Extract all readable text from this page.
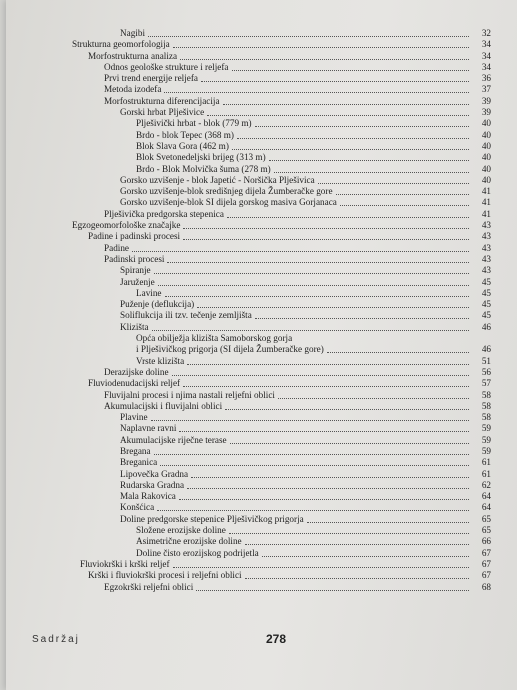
Nagibi	32
Strukturna geomorfologija	34
Morfostrukturna analiza	34
Odnos geološke strukture i reljefa	34
Prvi trend energije reljefa	36
Metoda izodefa	37
Morfostrukturna diferencijacija	39
Gorski hrbat Plješivice	39
Plješivički hrbat - blok (779 m)	40
Brdo - blok Tepec (368 m)	40
Blok Slava Gora (462 m)	40
Blok Svetonedeljski brijeg (313 m)	40
Brdo - Blok Molvička šuma (278 m)	40
Gorsko uzvišenje - blok Japetić - Noršička Plješivica	40
Gorsko uzvišenje-blok središnjeg dijela Žumberačke gore	41
Gorsko uzvišenje-blok SI dijela gorskog masiva Gorjanaca	41
Plješivička predgorska stepenica	41
Egzogeomorfološke značajke	43
Padine i padinski procesi	43
Padine	43
Padinski procesi	43
Spiranje	43
Jaruženje	45
Lavine	45
Puženje (deflukcija)	45
Soliflukcija ili tzv. tečenje zemljišta	45
Klizišta	46
Opća obilježja klizišta Samoborskog gorja
i Plješivičkog prigorja (SI dijela Žumberačke gore)	46
Vrste klizišta	51
Derazijske doline	56
Fluviodenudacijski reljef	57
Fluvijalni procesi i njima nastali reljefni oblici	58
Akumulacijski i fluvijalni oblici	58
Plavine	58
Naplavne ravni	59
Akumulacijske riječne terase	59
Bregana	59
Breganica	61
Lipovečka Gradna	61
Rudarska Gradna	62
Mala Rakovica	64
Konšćica	64
Doline predgorske stepenice Plješivičkog prigorja	65
Složene erozijske doline	65
Asimetrične erozijske doline	66
Doline čisto erozijskog podrijetla	67
Fluviokrški i krški reljef	67
Krški i fluviokrški procesi i reljefni oblici	67
Egzokrški reljefni oblici	68
Sadržaj	278
